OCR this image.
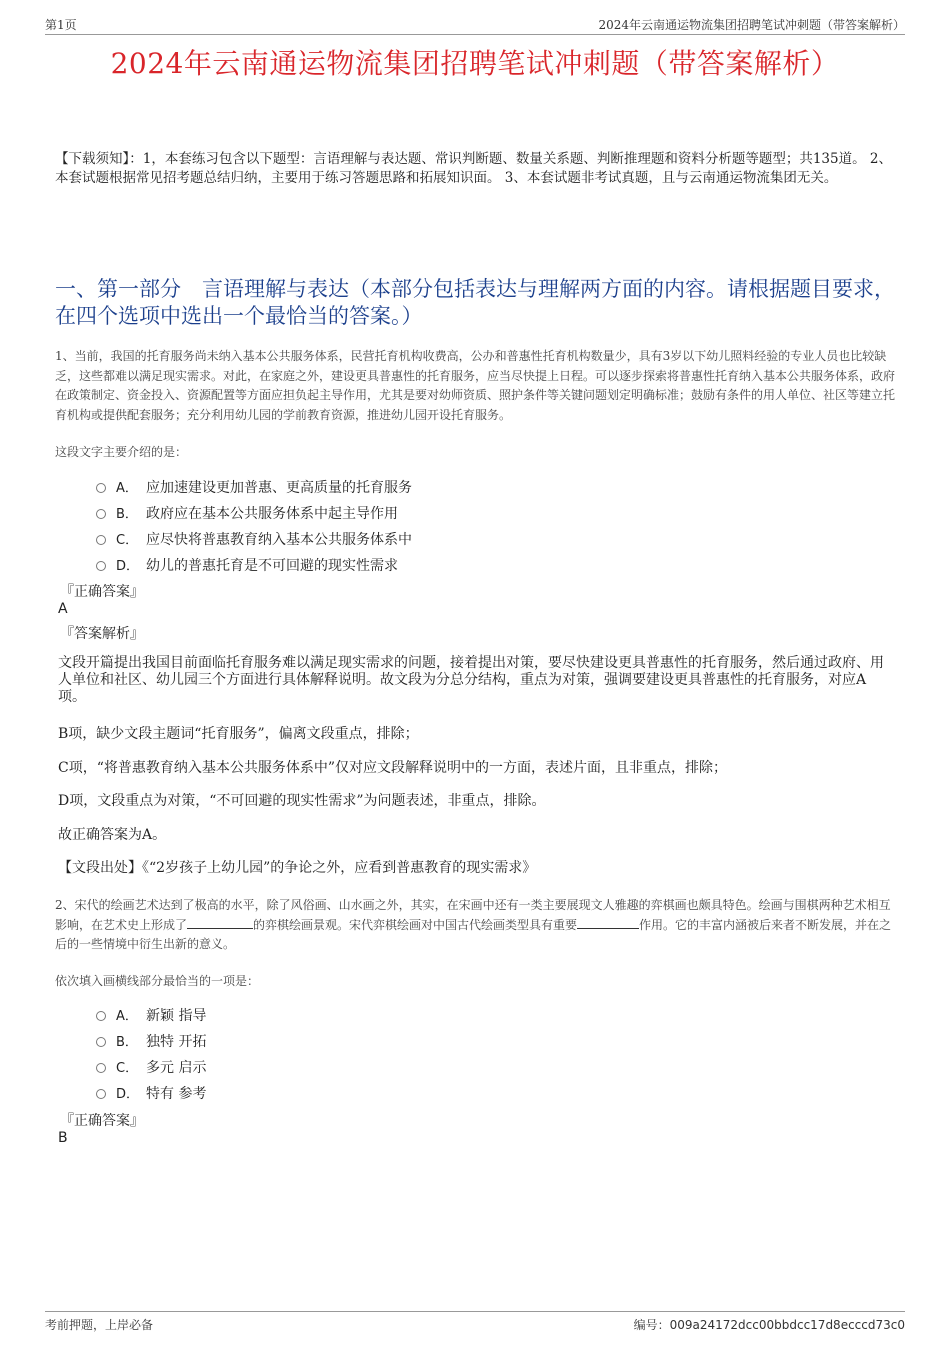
第1页	2024年云南通运物流集团招聘笔试冲刺题（带答案解析）
2024年云南通运物流集团招聘笔试冲刺题（带答案解析）
【下载须知】：1，本套练习包含以下题型：言语理解与表达题、常识判断题、数量关系题、判断推理题和资料分析题等题型；共135道。 2、本套试题根据常见招考题总结归纳，主要用于练习答题思路和拓展知识面。 3、本套试题非考试真题，且与云南通运物流集团无关。
一、第一部分　言语理解与表达（本部分包括表达与理解两方面的内容。请根据题目要求，在四个选项中选出一个最恰当的答案。）
1、当前，我国的托育服务尚未纳入基本公共服务体系，民营托育机构收费高，公办和普惠性托育机构数量少，具有3岁以下幼儿照料经验的专业人员也比较缺乏，这些都难以满足现实需求。对此，在家庭之外，建设更具普惠性的托育服务，应当尽快提上日程。可以逐步探索将普惠性托育纳入基本公共服务体系，政府在政策制定、资金投入、资源配置等方面应担负起主导作用，尤其是要对幼师资质、照护条件等关键问题划定明确标准；鼓励有条件的用人单位、社区等建立托育机构或提供配套服务；充分利用幼儿园的学前教育资源，推进幼儿园开设托育服务。
这段文字主要介绍的是：
A． 应加速建设更加普惠、更高质量的托育服务
B． 政府应在基本公共服务体系中起主导作用
C． 应尽快将普惠教育纳入基本公共服务体系中
D． 幼儿的普惠托育是不可回避的现实性需求
『正确答案』
A
『答案解析』
文段开篇提出我国目前面临托育服务难以满足现实需求的问题，接着提出对策，要尽快建设更具普惠性的托育服务，然后通过政府、用人单位和社区、幼儿园三个方面进行具体解释说明。故文段为分总分结构，重点为对策，强调要建设更具普惠性的托育服务，对应A项。
B项，缺少文段主题词“托育服务”，偏离文段重点，排除；
C项，“将普惠教育纳入基本公共服务体系中”仅对应文段解释说明中的一方面，表述片面，且非重点，排除；
D项，文段重点为对策，“不可回避的现实性需求”为问题表述，非重点，排除。
故正确答案为A。
【文段出处】《“2岁孩子上幼儿园”的争论之外，应看到普惠教育的现实需求》
2、宋代的绘画艺术达到了极高的水平，除了风俗画、山水画之外，其实，在宋画中还有一类主要展现文人雅趣的弈棋画也颇具特色。绘画与围棋两种艺术相互影响，在艺术史上形成了	的弈棋绘画景观。宋代弈棋绘画对中国古代绘画类型具有重要	作用。它的丰富内涵被后来者不断发展，并在之后的一些情境中衍生出新的意义。
依次填入画横线部分最恰当的一项是：
A． 新颖 指导
B． 独特 开拓
C． 多元 启示
D． 特有 参考
『正确答案』
B
考前押题，上岸必备	编号：009a24172dcc00bbdcc17d8ecccd73c0
